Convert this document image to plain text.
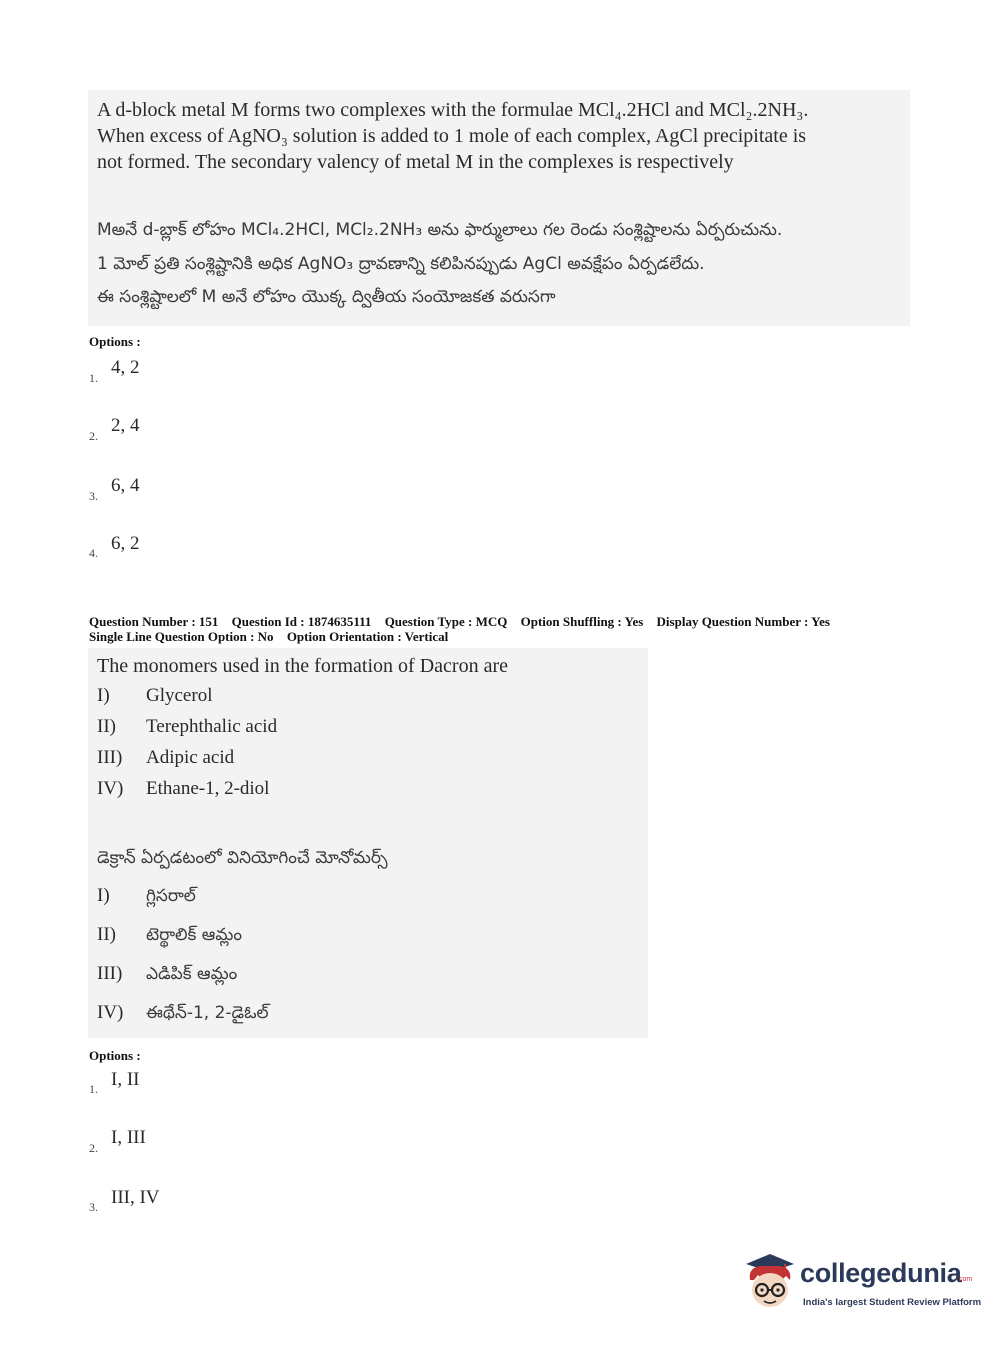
A d-block metal M forms two complexes with the formulae MCl₄.2HCl and MCl₂.2NH₃.
When excess of AgNO₃ solution is added to 1 mole of each complex, AgCl precipitate is
not formed. The secondary valency of metal M in the complexes is respectively
Mఅనే d-బ్లాక్ లోహం MCl₄.2HCl, MCl₂.2NH₃ అను ఫార్ములాలు గల రెండు సంశ్లిష్టాలను ఏర్పరుచును.
1 మోల్ ప్రతి సంశ్లిష్టానికి అధిక AgNO₃ ద్రావణాన్ని కలిపినప్పుడు AgCl అవక్షేపం ఏర్పడలేదు.
ఈ సంశ్లిష్టాలలో M అనే లోహం యొక్క ద్వితీయ సంయోజకత వరుసగా
Options :
1. 4, 2
2. 2, 4
3. 6, 4
4. 6, 2
Question Number : 151 Question Id : 1874635111 Question Type : MCQ Option Shuffling : Yes Display Question Number : Yes
Single Line Question Option : No Option Orientation : Vertical
The monomers used in the formation of Dacron are
I) Glycerol
II) Terephthalic acid
III) Adipic acid
IV) Ethane-1, 2-diol
డెక్రాన్ ఏర్పడటంలో వినియోగించే మోనోమర్స్
I) గ్లిసరాల్
II) టెర్థాలిక్ ఆమ్లం
III) ఎడిపిక్ ఆమ్లం
IV) ఈథేన్-1, 2-డైఓల్
Options :
1. I, II
2. I, III
3. III, IV
collegedunia
.com
India's largest Student Review Platform
